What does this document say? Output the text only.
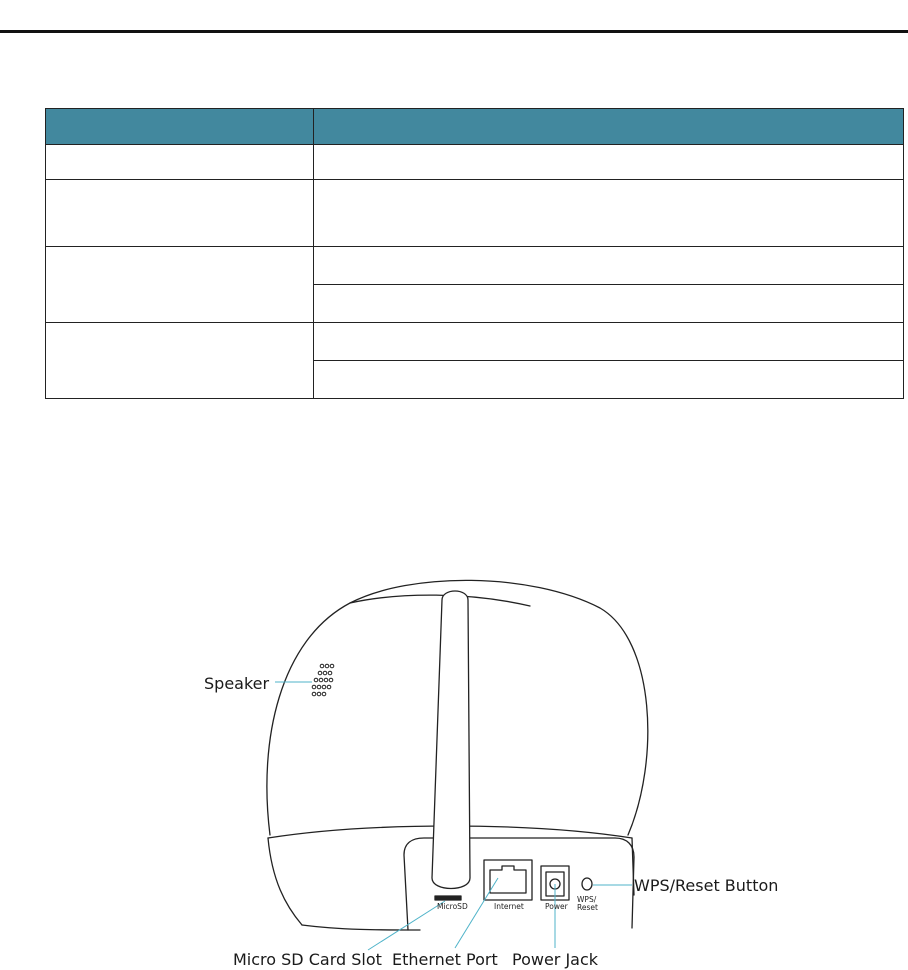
MicroSD	Internet	Power
WPS/
Reset
Speaker
WPS/Reset Button
Micro SD Card Slot Ethernet Port Power Jack
